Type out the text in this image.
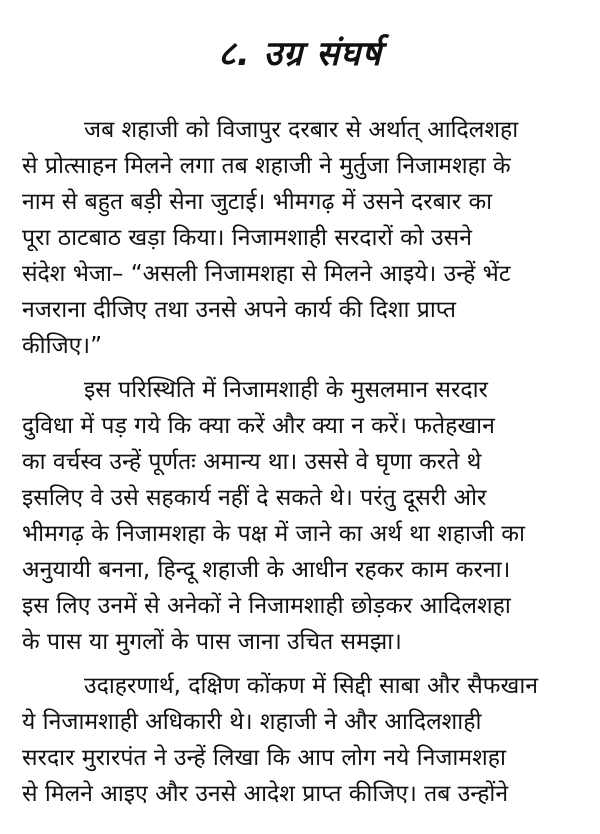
८. उग्र संघर्ष
जब शहाजी को विजापुर दरबार से अर्थात् आदिलशहा
से प्रोत्साहन मिलने लगा तब शहाजी ने मुर्तुजा निजामशहा के
नाम से बहुत बड़ी सेना जुटाई। भीमगढ़ में उसने दरबार का
पूरा ठाटबाठ खड़ा किया। निजामशाही सरदारों को उसने
संदेश भेजा– “असली निजामशहा से मिलने आइये। उन्हें भेंट
नजराना दीजिए तथा उनसे अपने कार्य की दिशा प्राप्त
कीजिए।”
इस परिस्थिति में निजामशाही के मुसलमान सरदार
दुविधा में पड़ गये कि क्या करें और क्या न करें। फतेहखान
का वर्चस्व उन्हें पूर्णतः अमान्य था। उससे वे घृणा करते थे
इसलिए वे उसे सहकार्य नहीं दे सकते थे। परंतु दूसरी ओर
भीमगढ़ के निजामशहा के पक्ष में जाने का अर्थ था शहाजी का
अनुयायी बनना, हिन्दू शहाजी के आधीन रहकर काम करना।
इस लिए उनमें से अनेकों ने निजामशाही छोड़कर आदिलशहा
के पास या मुगलों के पास जाना उचित समझा।
उदाहरणार्थ, दक्षिण कोंकण में सिद्दी साबा और सैफखान
ये निजामशाही अधिकारी थे। शहाजी ने और आदिलशाही
सरदार मुरारपंत ने उन्हें लिखा कि आप लोग नये निजामशहा
से मिलने आइए और उनसे आदेश प्राप्त कीजिए। तब उन्होंने
